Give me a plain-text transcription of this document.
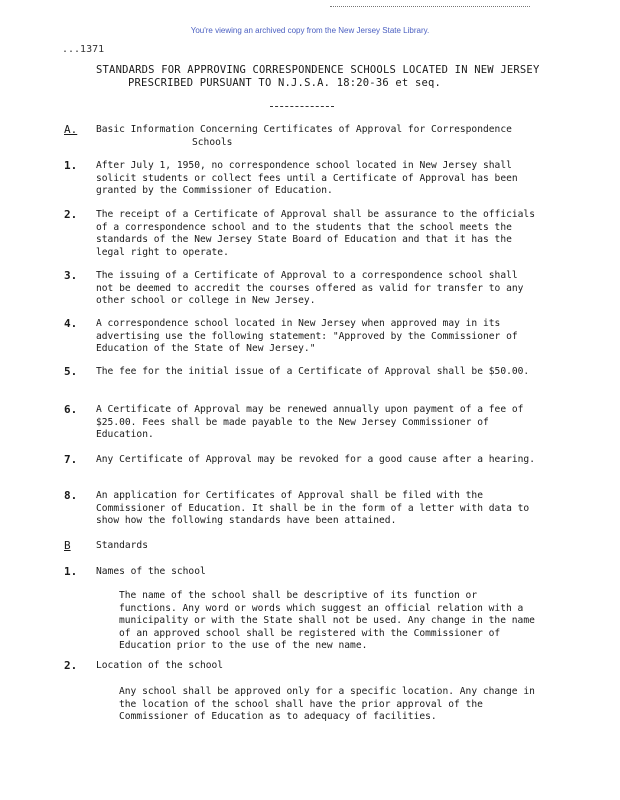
You're viewing an archived copy from the New Jersey State Library.
...1371
STANDARDS FOR APPROVING CORRESPONDENCE SCHOOLS LOCATED IN NEW JERSEY
PRESCRIBED PURSUANT TO N.J.S.A. 18:20-36 et seq.
A. Basic Information Concerning Certificates of Approval for Correspondence
Schools
1. After July 1, 1950, no correspondence school located in New Jersey shall solicit students or collect fees until a Certificate of Approval has been granted by the Commissioner of Education.
2. The receipt of a Certificate of Approval shall be assurance to the officials of a correspondence school and to the students that the school meets the standards of the New Jersey State Board of Education and that it has the legal right to operate.
3. The issuing of a Certificate of Approval to a correspondence school shall not be deemed to accredit the courses offered as valid for transfer to any other school or college in New Jersey.
4. A correspondence school located in New Jersey when approved may in its advertising use the following statement: "Approved by the Commissioner of Education of the State of New Jersey."
5. The fee for the initial issue of a Certificate of Approval shall be $50.00.
6. A Certificate of Approval may be renewed annually upon payment of a fee of $25.00. Fees shall be made payable to the New Jersey Commissioner of Education.
7. Any Certificate of Approval may be revoked for a good cause after a hearing.
8. An application for Certificates of Approval shall be filed with the Commissioner of Education. It shall be in the form of a letter with data to show how the following standards have been attained.
B	Standards
1. Names of the school
The name of the school shall be descriptive of its function or functions. Any word or words which suggest an official relation with a municipality or with the State shall not be used. Any change in the name of an approved school shall be registered with the Commissioner of Education prior to the use of the new name.
2. Location of the school
Any school shall be approved only for a specific location. Any change in the location of the school shall have the prior approval of the Commissioner of Education as to adequacy of facilities.
